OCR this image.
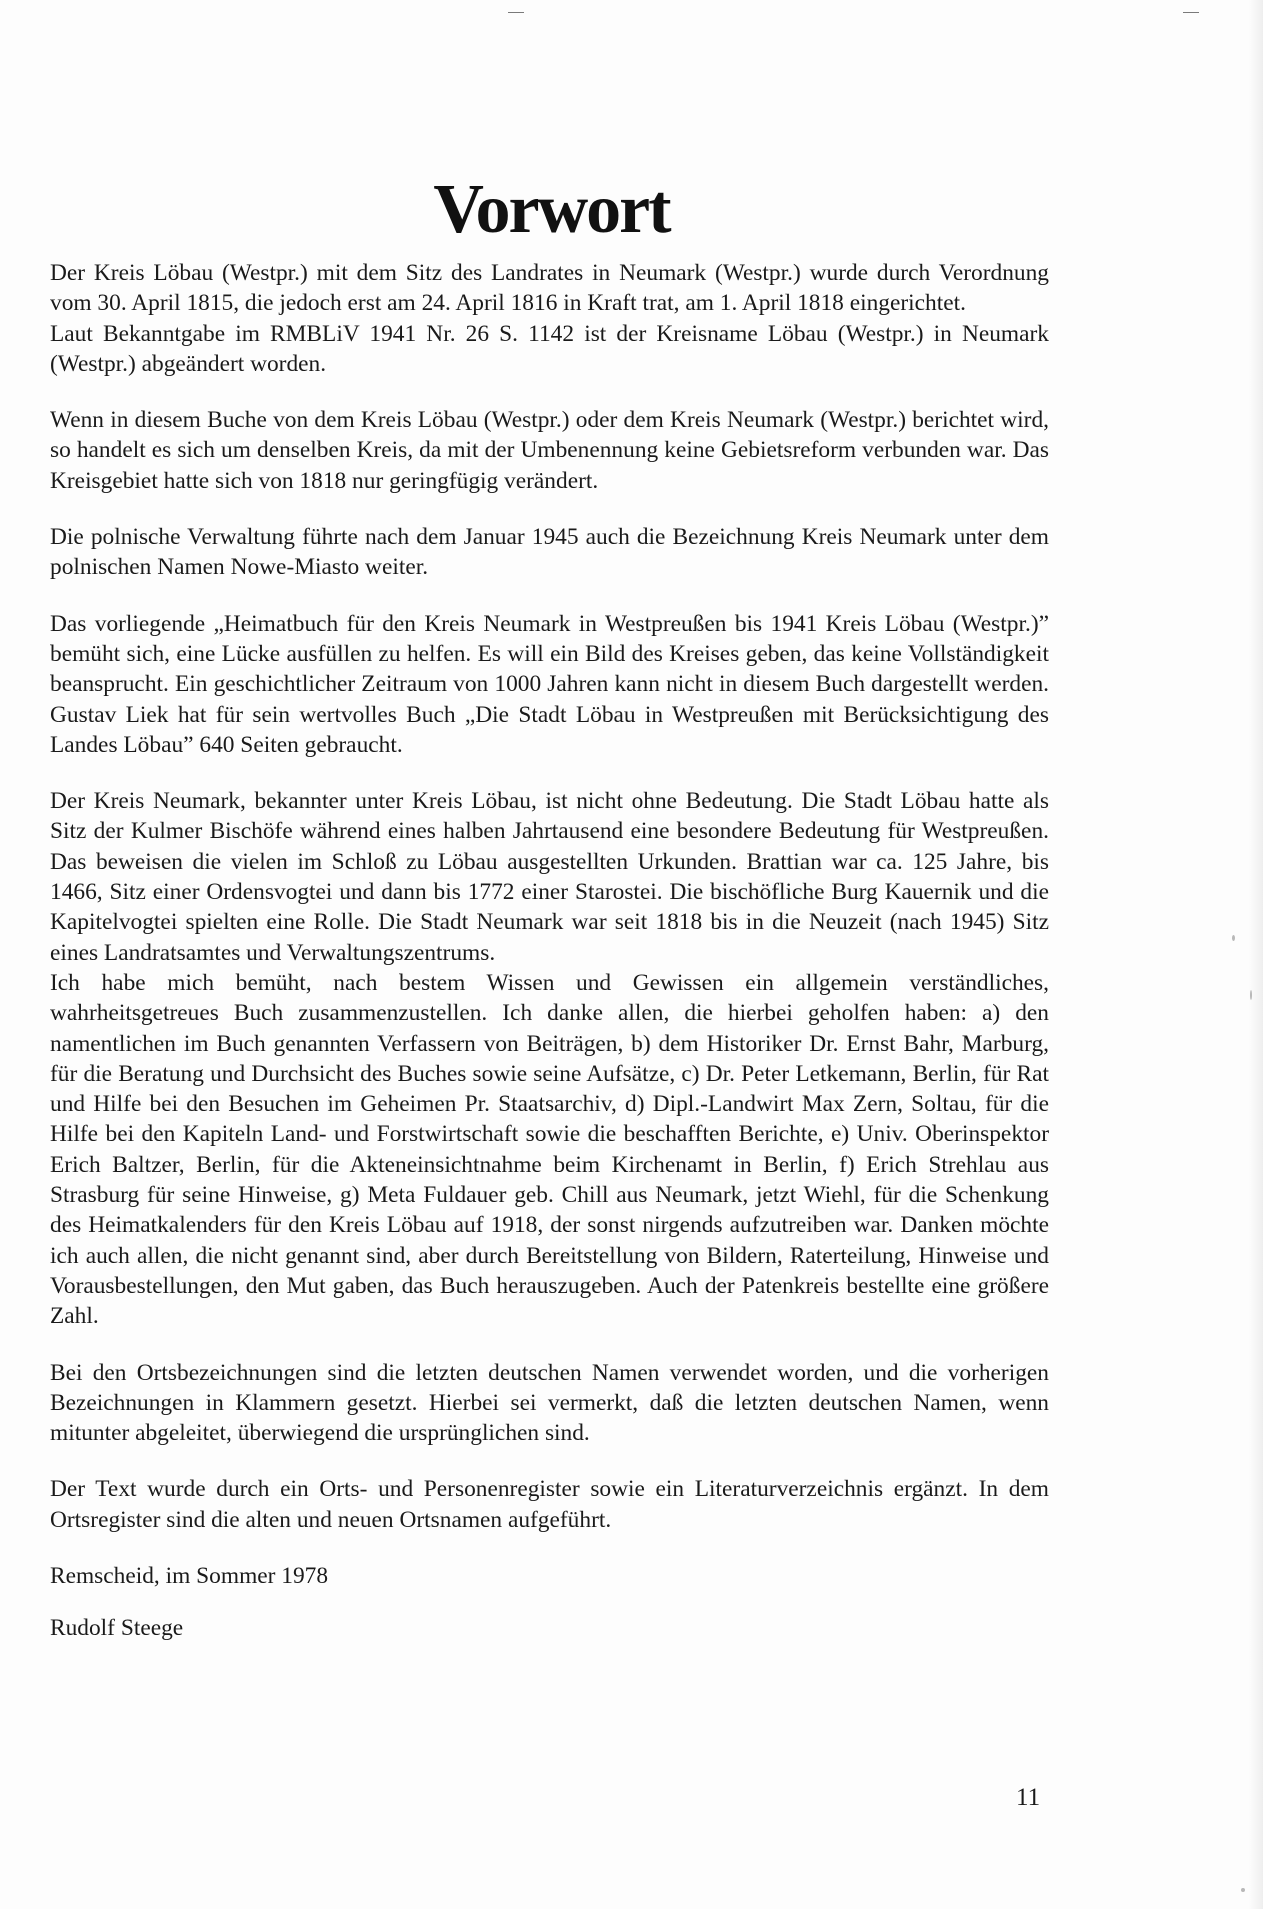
Vorwort

Der Kreis Löbau (Westpr.) mit dem Sitz des Landrates in Neumark (Westpr.) wurde durch Verordnung vom 30. April 1815, die jedoch erst am 24. April 1816 in Kraft trat, am 1. April 1818 eingerichtet.

Laut Bekanntgabe im RMBLiV 1941 Nr. 26 S. 1142 ist der Kreisname Löbau (Westpr.) in Neumark (Westpr.) abgeändert worden.

Wenn in diesem Buche von dem Kreis Löbau (Westpr.) oder dem Kreis Neumark (Westpr.) berichtet wird, so handelt es sich um denselben Kreis, da mit der Umbenennung keine Gebietsreform verbunden war. Das Kreisgebiet hatte sich von 1818 nur geringfügig verändert.

Die polnische Verwaltung führte nach dem Januar 1945 auch die Bezeichnung Kreis Neumark unter dem polnischen Namen Nowe-Miasto weiter.

Das vorliegende „Heimatbuch für den Kreis Neumark in Westpreußen bis 1941 Kreis Löbau (Westpr.)” bemüht sich, eine Lücke ausfüllen zu helfen. Es will ein Bild des Kreises geben, das keine Vollständigkeit beansprucht. Ein geschichtlicher Zeitraum von 1000 Jahren kann nicht in diesem Buch dargestellt werden. Gustav Liek hat für sein wertvolles Buch „Die Stadt Löbau in Westpreußen mit Berücksichtigung des Landes Löbau” 640 Seiten gebraucht.

Der Kreis Neumark, bekannter unter Kreis Löbau, ist nicht ohne Bedeutung. Die Stadt Löbau hatte als Sitz der Kulmer Bischöfe während eines halben Jahrtausend eine besondere Bedeutung für Westpreußen. Das beweisen die vielen im Schloß zu Löbau ausgestellten Urkunden. Brattian war ca. 125 Jahre, bis 1466, Sitz einer Ordensvogtei und dann bis 1772 einer Starostei. Die bischöfliche Burg Kauernik und die Kapitelvogtei spielten eine Rolle. Die Stadt Neumark war seit 1818 bis in die Neuzeit (nach 1945) Sitz eines Landratsamtes und Verwaltungszentrums.

Ich habe mich bemüht, nach bestem Wissen und Gewissen ein allgemein verständliches, wahrheitsgetreues Buch zusammenzustellen. Ich danke allen, die hierbei geholfen haben: a) den namentlichen im Buch genannten Verfassern von Beiträgen, b) dem Historiker Dr. Ernst Bahr, Marburg, für die Beratung und Durchsicht des Buches sowie seine Aufsätze, c) Dr. Peter Letkemann, Berlin, für Rat und Hilfe bei den Besuchen im Geheimen Pr. Staatsarchiv, d) Dipl.-Landwirt Max Zern, Soltau, für die Hilfe bei den Kapiteln Land- und Forstwirtschaft sowie die beschafften Berichte, e) Univ. Oberinspektor Erich Baltzer, Berlin, für die Akteneinsichtnahme beim Kirchenamt in Berlin, f) Erich Strehlau aus Strasburg für seine Hinweise, g) Meta Fuldauer geb. Chill aus Neumark, jetzt Wiehl, für die Schenkung des Heimatkalenders für den Kreis Löbau auf 1918, der sonst nirgends aufzutreiben war. Danken möchte ich auch allen, die nicht genannt sind, aber durch Bereitstellung von Bildern, Raterteilung, Hinweise und Vorausbestellungen, den Mut gaben, das Buch herauszugeben. Auch der Patenkreis bestellte eine größere Zahl.

Bei den Ortsbezeichnungen sind die letzten deutschen Namen verwendet worden, und die vorherigen Bezeichnungen in Klammern gesetzt. Hierbei sei vermerkt, daß die letzten deutschen Namen, wenn mitunter abgeleitet, überwiegend die ursprünglichen sind.

Der Text wurde durch ein Orts- und Personenregister sowie ein Literaturverzeichnis ergänzt. In dem Ortsregister sind die alten und neuen Ortsnamen aufgeführt.

Remscheid, im Sommer 1978

Rudolf Steege

11
